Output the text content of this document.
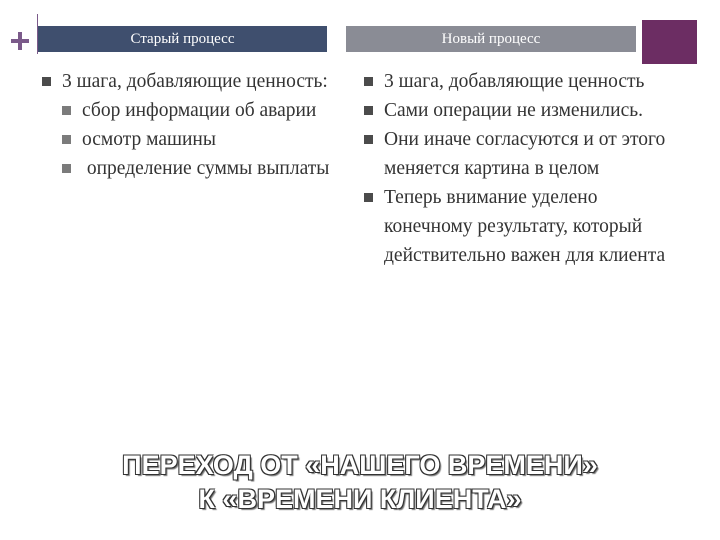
Старый процесс	Новый процесс

3 шага, добавляющие ценность:

сбор информации об аварии

осмотр машины

определение суммы выплаты

3 шага, добавляющие ценность

Сами операции не изменились.

Они иначе согласуются и от этого меняется картина в целом

Теперь внимание уделено конечному результату, который действительно важен для клиента

ПЕРЕХОД ОТ «НАШЕГО ВРЕМЕНИ»
К «ВРЕМЕНИ КЛИЕНТА»
